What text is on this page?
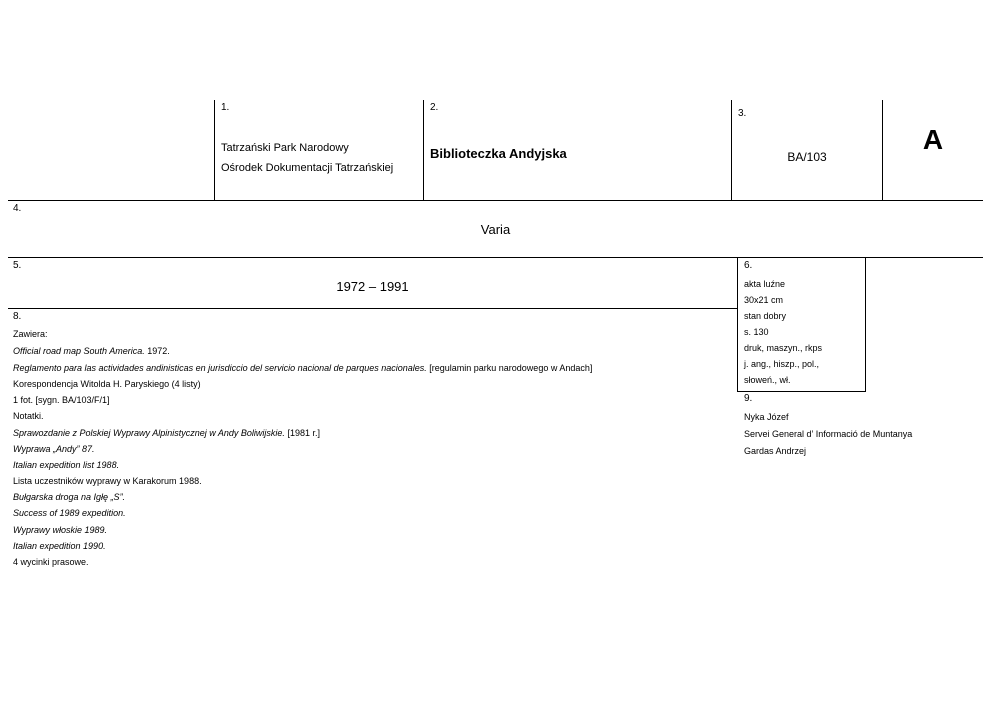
1.
Tatrzański Park Narodowy
Ośrodek Dokumentacji Tatrzańskiej
2.
Biblioteczka Andyjska
3.
BA/103
A
4.
Varia
5.
1972 – 1991
6.
akta luźne
30x21 cm
stan dobry
s. 130
druk, maszyn., rkps
j. ang., hiszp., pol.,
słoweń., wł.
8.
Zawiera:
Official road map South America. 1972.
Reglamento para las actividades andinisticas en jurisdiccio del servicio nacional de parques nacionales. [regulamin parku narodowego w Andach]
Korespondencja Witolda H. Paryskiego (4 listy)
1 fot. [sygn. BA/103/F/1]
Notatki.
Sprawozdanie z Polskiej Wyprawy Alpinistycznej w Andy Boliwijskie. [1981 r.]
Wyprawa „Andy” 87.
Italian expedition list 1988.
Lista uczestników wyprawy w Karakorum 1988.
Bułgarska droga na Igłę „S”.
Success of 1989 expedition.
Wyprawy włoskie 1989.
Italian expedition 1990.
4 wycinki prasowe.
9.
Nyka Józef
Servei General d’ Informació de Muntanya
Gardas Andrzej
